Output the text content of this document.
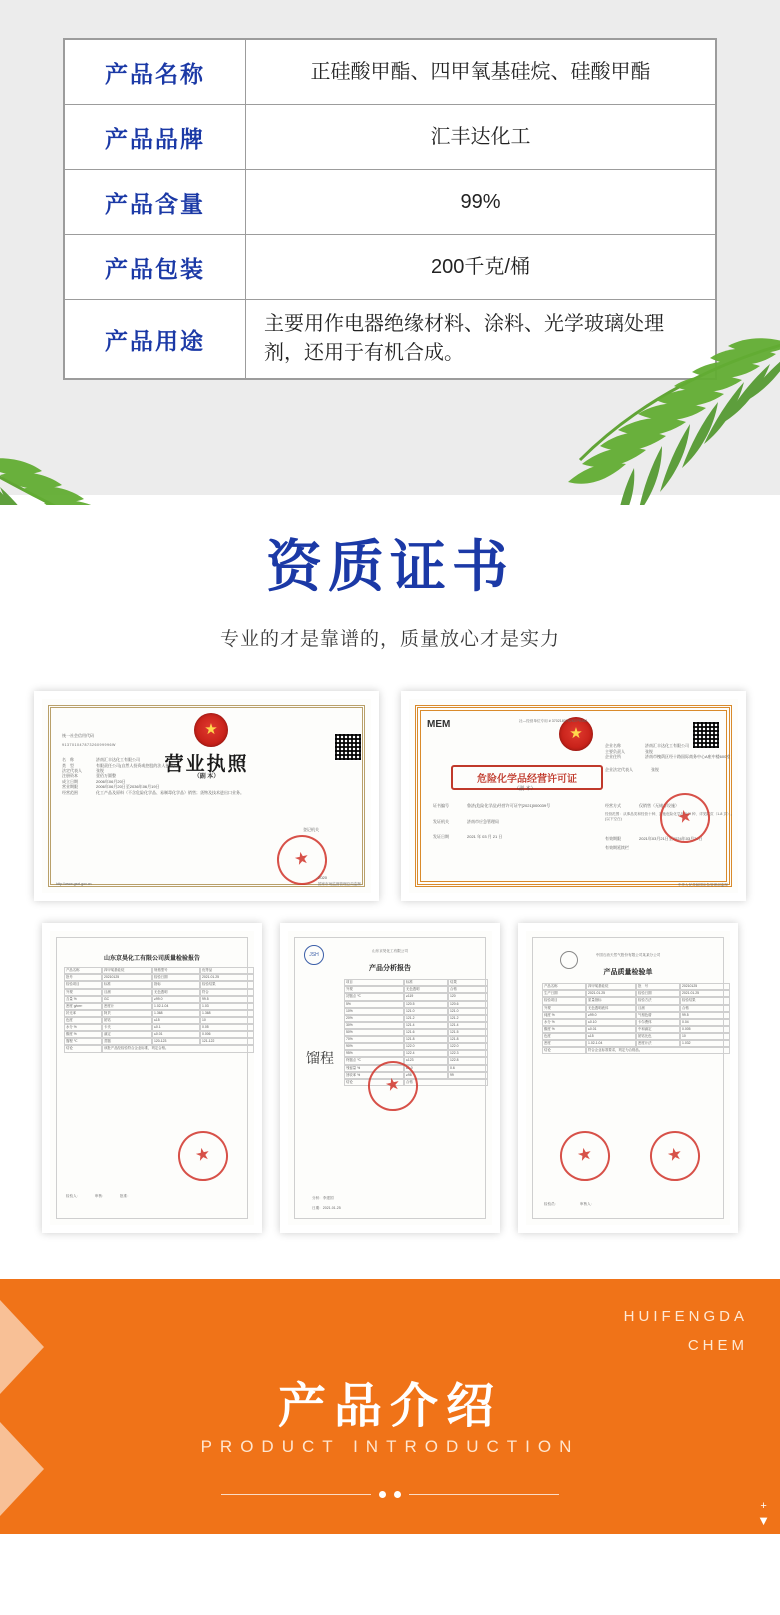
产品名称	正硅酸甲酯、四甲氧基硅烷、硅酸甲酯
产品品牌	汇丰达化工
产品含量	99%
产品包装	200千克/桶
产品用途	主要用作电器绝缘材料、涂料、光学玻璃处理剂，还用于有机合成。
资质证书
专业的才是靠谱的，质量放心才是实力
★
营业执照
（副 本）
统一社会信用代码
91370104787326099996W
名　称	济南汇丰达化工有限公司
类　型	有限责任公司(自然人投资或控股的法人独资)
法定代表人	张锐
注册资本	壹佰万圆整
成立日期	2006年06月20日
营业期限	2006年06月20日至2036年06月19日
经营范围	化工产品及原料（不含危险化学品、易制毒化学品）销售；货物及技术进出口业务。
登记机关
★
2020
http://www.gsxt.gov.cn	国家市场监督管理总局监制
MEM ★	社—经营单位专用 # 3702180792KEPRAM
危险化学品经营许可证
（副 本）
企业名称	济南汇丰达化工有限公司
主要负责人	张锐
企业住所	济南市槐荫区经十路国际商务中心A座中楼600室
企业法定代表人	张锐
证书编号	鲁济(危险化学品)经营许可证字[2021]000039号
发证机关	济南市应急管理局
发证日期	2021 年 03 月 21 日
经营方式	仅销售（无储存设施）
经营范围：从事品类和经营十种、其他危险化学品 549 种、详见附页（1-8 页）。(以下空白)
有效期限	2021年03月21日至2024年03月20日
有效期延续栏
★
中华人民共和国应急管理部监制
山东京昊化工有限公司质量检验报告
产品名称	四甲氧基硅烷	规格型号	优等品
批号	20210125	检验日期	2021.01.25
检验项目	标准	指标	检验结果
外观	目测	无色透明	符合
含量 %	GC	≥99.0	99.5
密度 g/cm³	密度计	1.02-1.04	1.03
折光率	阿贝	1.368	1.368
色度	铂钴	≤15	10
水分 %	卡氏	≤0.1	0.05
酸度 %	滴定	≤0.01	0.006
馏程 ℃	蒸馏	120-123	121-122
结论	该批产品经检验符合企业标准，判定合格。
★
检验人：　　　　审核：　　　　批准：
JSH
山东京昊化工有限公司
产品分析报告
项目	标准	结果
外观	无色透明	合格
初馏点 ℃	≥119	120
5%	120.5	120.6
10%	121.0	121.0
20%	121.2	121.2
30%	121.4	121.4
50%	121.6	121.5
70%	121.8	121.8
90%	122.0	122.0
95%	122.4	122.3
终馏点 ℃	≤123	122.8
残留量 %	≤1.0	0.6
回收率 %	≥98	99
结论	合格
馏程
★
分析：李建国
日期：2021.01.25
中国石油天然气股份有限公司某某分公司
产品质量检验单
产品名称	四甲氧基硅烷	批　号	20210125
生产日期	2021.01.25	检验日期	2021.01.25
检验项目	质量指标	检验方法	检验结果
外观	无色透明液体	目测	合格
纯度 %	≥99.0	气相色谱	99.5
水分 %	≤0.10	卡尔费休	0.04
酸度 %	≤0.01	中和滴定	0.005
色度	≤15	铂钴比色	10
密度	1.02-1.04	密度计法	1.032
结论	符合企业标准要求，判定为合格品。
★
★
检验员：　　　　　　审核人：
HUIFENGDA
CHEM
产品介绍
PRODUCT INTRODUCTION
+
▼
